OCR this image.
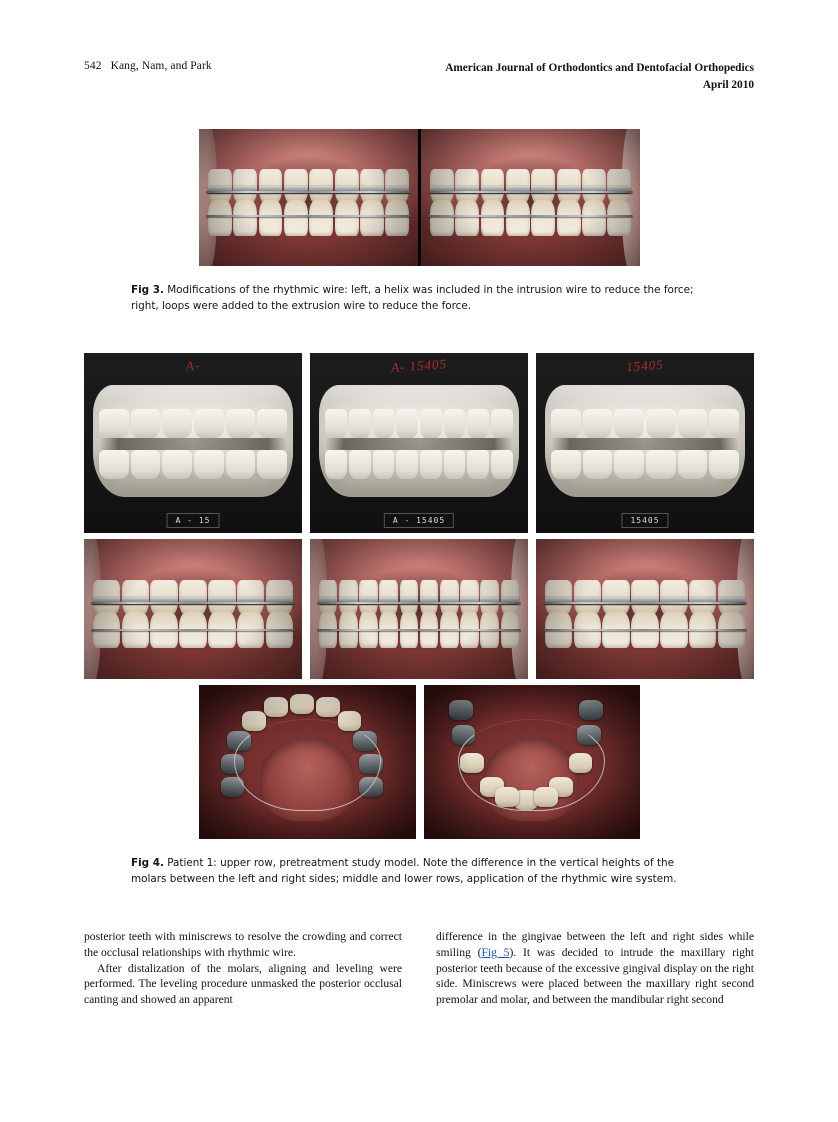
542 Kang, Nam, and Park	American Journal of Orthodontics and Dentofacial Orthopedics
April 2010
Fig 3. Modifications of the rhythmic wire: left, a helix was included in the intrusion wire to reduce the force; right, loops were added to the extrusion wire to reduce the force.
A-
A - 15
A- 15405
A - 15405
15405
15405
Fig 4. Patient 1: upper row, pretreatment study model. Note the difference in the vertical heights of the molars between the left and right sides; middle and lower rows, application of the rhythmic wire system.

posterior teeth with miniscrews to resolve the crowding and correct the occlusal relationships with rhythmic wire.

After distalization of the molars, aligning and leveling were performed. The leveling procedure unmasked the posterior occlusal canting and showed an apparent

difference in the gingivae between the left and right sides while smiling (Fig 5). It was decided to intrude the maxillary right posterior teeth because of the excessive gingival display on the right side. Miniscrews were placed between the maxillary right second premolar and molar, and between the mandibular right second
